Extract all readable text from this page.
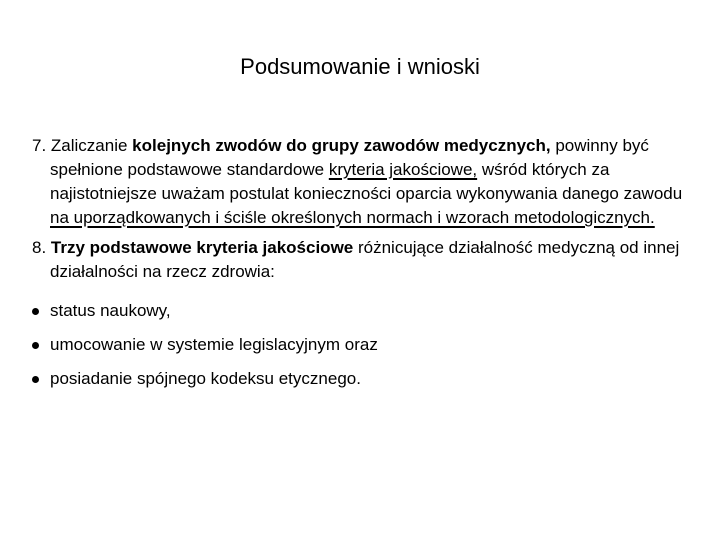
Podsumowanie i wnioski

7. Zaliczanie kolejnych zwodów do grupy zawodów medycznych, powinny być spełnione podstawowe standardowe kryteria jakościowe, wśród których za najistotniejsze uważam postulat konieczności oparcia wykonywania danego zawodu na uporządkowanych i ściśle określonych normach i wzorach metodologicznych.

8. Trzy podstawowe kryteria jakościowe różnicujące działalność medyczną od innej działalności na rzecz zdrowia:

status naukowy,
umocowanie w systemie legislacyjnym oraz
posiadanie spójnego kodeksu etycznego.
